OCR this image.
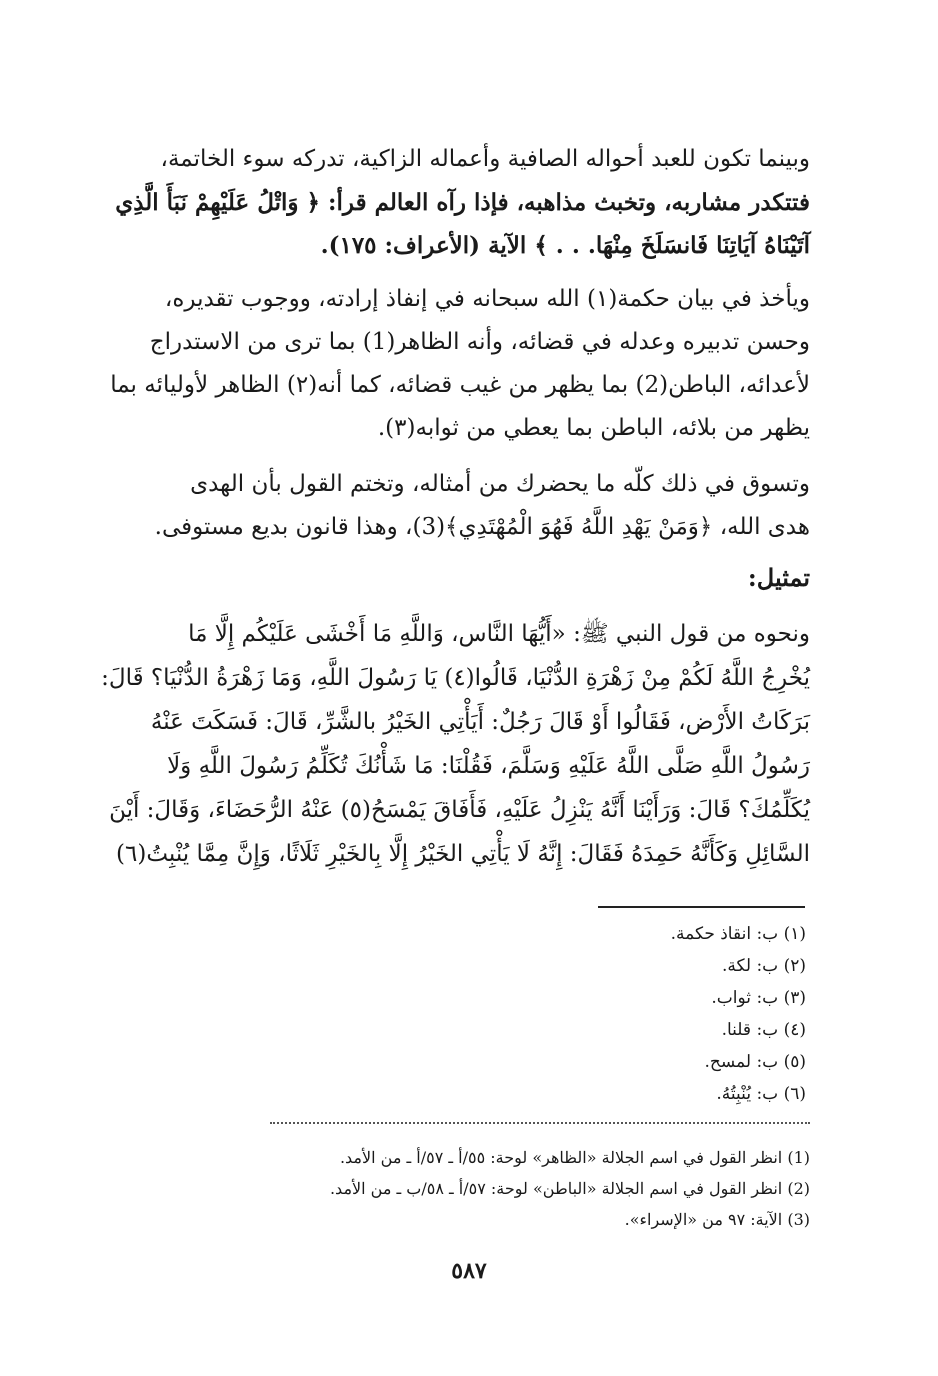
وبينما تكون للعبد أحواله الصافية وأعماله الزاكية، تدركه سوء الخاتمة،
فتتكدر مشاربه، وتخبث مذاهبه، فإذا رآه العالم قرأ: ﴿ وَاتْلُ عَلَيْهِمْ نَبَأَ الَّذِي
آتَيْنَاهُ آيَاتِنَا فَانسَلَخَ مِنْهَا. . . ﴾ الآية (الأعراف: ١٧٥).
ويأخذ في بيان حكمة(١) الله سبحانه في إنفاذ إرادته، ووجوب تقديره،
وحسن تدبيره وعدله في قضائه، وأنه الظاهر(1) بما ترى من الاستدراج
لأعدائه، الباطن(2) بما يظهر من غيب قضائه، كما أنه(٢) الظاهر لأوليائه بما
يظهر من بلائه، الباطن بما يعطي من ثوابه(٣).
وتسوق في ذلك كلّه ما يحضرك من أمثاله، وتختم القول بأن الهدى
هدى الله، ﴿وَمَنْ يَهْدِ اللَّهُ فَهُوَ الْمُهْتَدِي﴾(3)، وهذا قانون بديع مستوفى.
تمثيل:
ونحوه من قول النبي ﷺ: «أَيُّهَا النَّاس، وَاللَّهِ مَا أَخْشَى عَلَيْكُم إِلَّا مَا
يُخْرِجُ اللَّهُ لَكُمْ مِنْ زَهْرَةِ الدُّنْيَا، قَالُوا(٤) يَا رَسُولَ اللَّهِ، وَمَا زَهْرَةُ الدُّنْيَا؟ قَالَ:
بَرَكَاتُ الأَرْض، فَقَالُوا أَوْ قَالَ رَجُلٌ: أَيَأْتِي الخَيْرُ بالشَّرِّ، قَالَ: فَسَكَتَ عَنْهُ
رَسُولُ اللَّهِ صَلَّى اللَّهُ عَلَيْهِ وَسَلَّمَ، فَقُلْنَا: مَا شَأْنُكَ تُكَلِّمُ رَسُولَ اللَّهِ وَلَا
يُكَلِّمُكَ؟ قَالَ: وَرَأَيْنَا أَنَّهُ يَنْزِلُ عَلَيْهِ، فَأَفَاقَ يَمْسَحُ(٥) عَنْهُ الرُّحَضَاءَ، وَقَالَ: أَيْنَ
السَّائِلِ وَكَأَنَّهُ حَمِدَهُ فَقَالَ: إِنَّهُ لَا يَأْتِي الخَيْرُ إِلَّا بِالخَيْرِ ثَلَاثًا، وَإِنَّ مِمَّا يُنْبِتُ(٦)
(١) ب: انقاذ حكمة.
(٢) ب: لكة.
(٣) ب: ثواب.
(٤) ب: قلنا.
(٥) ب: لمسح.
(٦) ب: يُنْبِتُهُ.
(1) انظر القول في اسم الجلالة «الظاهر» لوحة: ٥٥/أ ـ ٥٧/أ ـ من الأمد.
(2) انظر القول في اسم الجلالة «الباطن» لوحة: ٥٧/أ ـ ٥٨/ب ـ من الأمد.
(3) الآية: ٩٧ من «الإسراء».
٥٨٧
